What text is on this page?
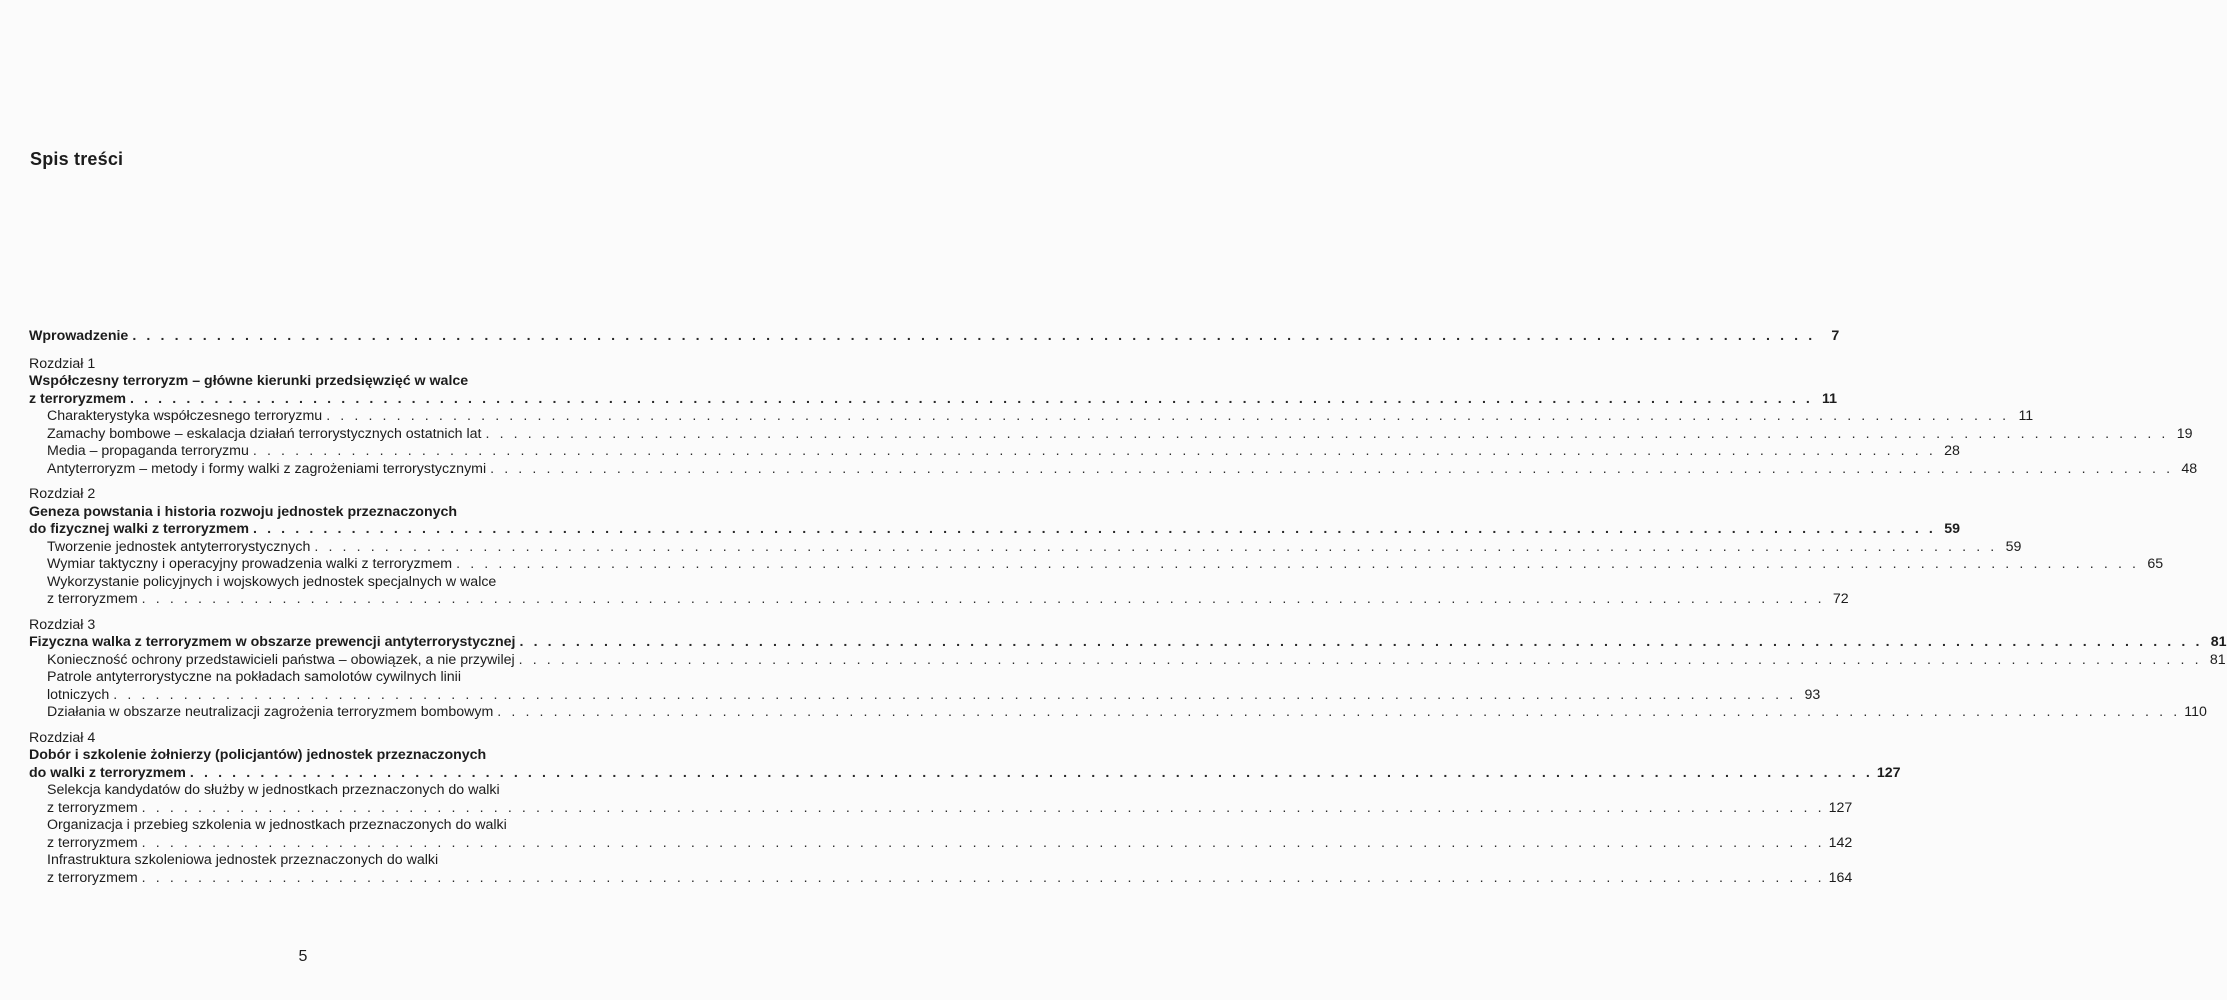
Spis treści
Wprowadzenie . . . . . . . . . . . . . . . . . . . . . . . . . . . . . . . . . . . . . . . . . . . . . . . . . . . . . . . . . . . . . . . . . . . . . . . . . . . . . . . . . . . . . . . . . . . . . . . . . . . . . . . . . . . . . . . . . . . . . . . .	7
Rozdział 1
Współczesny terroryzm – główne kierunki przedsięwzięć w walce
z terroryzmem . . . . . . . . . . . . . . . . . . . . . . . . . . . . . . . . . . . . . . . . . . . . . . . . . . . . . . . . . . . . . . . . . . . . . . . . . . . . . . . . . . . . . . . . . . . . . . . . . . . . . . . . . . . . . . . . . . . . . . . . 11
Charakterystyka współczesnego terroryzmu . . . . . . . . . . . . . . . . . . . . . . . . . . . . . . . . . . . . . . . . . . . . . . . . . . . . . . . . . . . . . . . . . . . . . . . . . . . . . . . . . . . . . . . . . . . . . . . . . . . . . . . . . . . . . . . . . . . . . . . . 11
Zamachy bombowe – eskalacja działań terrorystycznych ostatnich lat . . . . . . . . . . . . . . . . . . . . . . . . . . . . . . . . . . . . . . . . . . . . . . . . . . . . . . . . . . . . . . . . . . . . . . . . . . . . . . . . . . . . . . . . . . . . . . . . . . . . . . . . . . . . . . . . . . . . . . . . 19
Media – propaganda terroryzmu . . . . . . . . . . . . . . . . . . . . . . . . . . . . . . . . . . . . . . . . . . . . . . . . . . . . . . . . . . . . . . . . . . . . . . . . . . . . . . . . . . . . . . . . . . . . . . . . . . . . . . . . . . . . . . . . . . . . . . . . 28
Antyterroryzm – metody i formy walki z zagrożeniami terrorystycznymi . . . . . . . . . . . . . . . . . . . . . . . . . . . . . . . . . . . . . . . . . . . . . . . . . . . . . . . . . . . . . . . . . . . . . . . . . . . . . . . . . . . . . . . . . . . . . . . . . . . . . . . . . . . . . . . . . . . . . . . . 48
Rozdział 2
Geneza powstania i historia rozwoju jednostek przeznaczonych
do fizycznej walki z terroryzmem . . . . . . . . . . . . . . . . . . . . . . . . . . . . . . . . . . . . . . . . . . . . . . . . . . . . . . . . . . . . . . . . . . . . . . . . . . . . . . . . . . . . . . . . . . . . . . . . . . . . . . . . . . . . . . . . . . . . . . . . 59
Tworzenie jednostek antyterrorystycznych . . . . . . . . . . . . . . . . . . . . . . . . . . . . . . . . . . . . . . . . . . . . . . . . . . . . . . . . . . . . . . . . . . . . . . . . . . . . . . . . . . . . . . . . . . . . . . . . . . . . . . . . . . . . . . . . . . . . . . . . 59
Wymiar taktyczny i operacyjny prowadzenia walki z terroryzmem . . . . . . . . . . . . . . . . . . . . . . . . . . . . . . . . . . . . . . . . . . . . . . . . . . . . . . . . . . . . . . . . . . . . . . . . . . . . . . . . . . . . . . . . . . . . . . . . . . . . . . . . . . . . . . . . . . . . . . . . 65
Wykorzystanie policyjnych i wojskowych jednostek specjalnych w walce
z terroryzmem . . . . . . . . . . . . . . . . . . . . . . . . . . . . . . . . . . . . . . . . . . . . . . . . . . . . . . . . . . . . . . . . . . . . . . . . . . . . . . . . . . . . . . . . . . . . . . . . . . . . . . . . . . . . . . . . . . . . . . . . 72
Rozdział 3
Fizyczna walka z terroryzmem w obszarze prewencji antyterrorystycznej . . . . . . . . . . . . . . . . . . . . . . . . . . . . . . . . . . . . . . . . . . . . . . . . . . . . . . . . . . . . . . . . . . . . . . . . . . . . . . . . . . . . . . . . . . . . . . . . . . . . . . . . . . . . . . . . . . . . . . . . 81
Konieczność ochrony przedstawicieli państwa – obowiązek, a nie przywilej . . . . . . . . . . . . . . . . . . . . . . . . . . . . . . . . . . . . . . . . . . . . . . . . . . . . . . . . . . . . . . . . . . . . . . . . . . . . . . . . . . . . . . . . . . . . . . . . . . . . . . . . . . . . . . . . . . . . . . . . 81
Patrole antyterrorystyczne na pokładach samolotów cywilnych linii
lotniczych . . . . . . . . . . . . . . . . . . . . . . . . . . . . . . . . . . . . . . . . . . . . . . . . . . . . . . . . . . . . . . . . . . . . . . . . . . . . . . . . . . . . . . . . . . . . . . . . . . . . . . . . . . . . . . . . . . . . . . . . 93
Działania w obszarze neutralizacji zagrożenia terroryzmem bombowym . . . . . . . . . . . . . . . . . . . . . . . . . . . . . . . . . . . . . . . . . . . . . . . . . . . . . . . . . . . . . . . . . . . . . . . . . . . . . . . . . . . . . . . . . . . . . . . . . . . . . . . . . . . . . . . . . . . . . . . . 110
Rozdział 4
Dobór i szkolenie żołnierzy (policjantów) jednostek przeznaczonych
do walki z terroryzmem . . . . . . . . . . . . . . . . . . . . . . . . . . . . . . . . . . . . . . . . . . . . . . . . . . . . . . . . . . . . . . . . . . . . . . . . . . . . . . . . . . . . . . . . . . . . . . . . . . . . . . . . . . . . . . . . . . . . . . . . 127
Selekcja kandydatów do służby w jednostkach przeznaczonych do walki
z terroryzmem . . . . . . . . . . . . . . . . . . . . . . . . . . . . . . . . . . . . . . . . . . . . . . . . . . . . . . . . . . . . . . . . . . . . . . . . . . . . . . . . . . . . . . . . . . . . . . . . . . . . . . . . . . . . . . . . . . . . . . . . 127
Organizacja i przebieg szkolenia w jednostkach przeznaczonych do walki
z terroryzmem . . . . . . . . . . . . . . . . . . . . . . . . . . . . . . . . . . . . . . . . . . . . . . . . . . . . . . . . . . . . . . . . . . . . . . . . . . . . . . . . . . . . . . . . . . . . . . . . . . . . . . . . . . . . . . . . . . . . . . . . 142
Infrastruktura szkoleniowa jednostek przeznaczonych do walki
z terroryzmem . . . . . . . . . . . . . . . . . . . . . . . . . . . . . . . . . . . . . . . . . . . . . . . . . . . . . . . . . . . . . . . . . . . . . . . . . . . . . . . . . . . . . . . . . . . . . . . . . . . . . . . . . . . . . . . . . . . . . . . . 164
5
